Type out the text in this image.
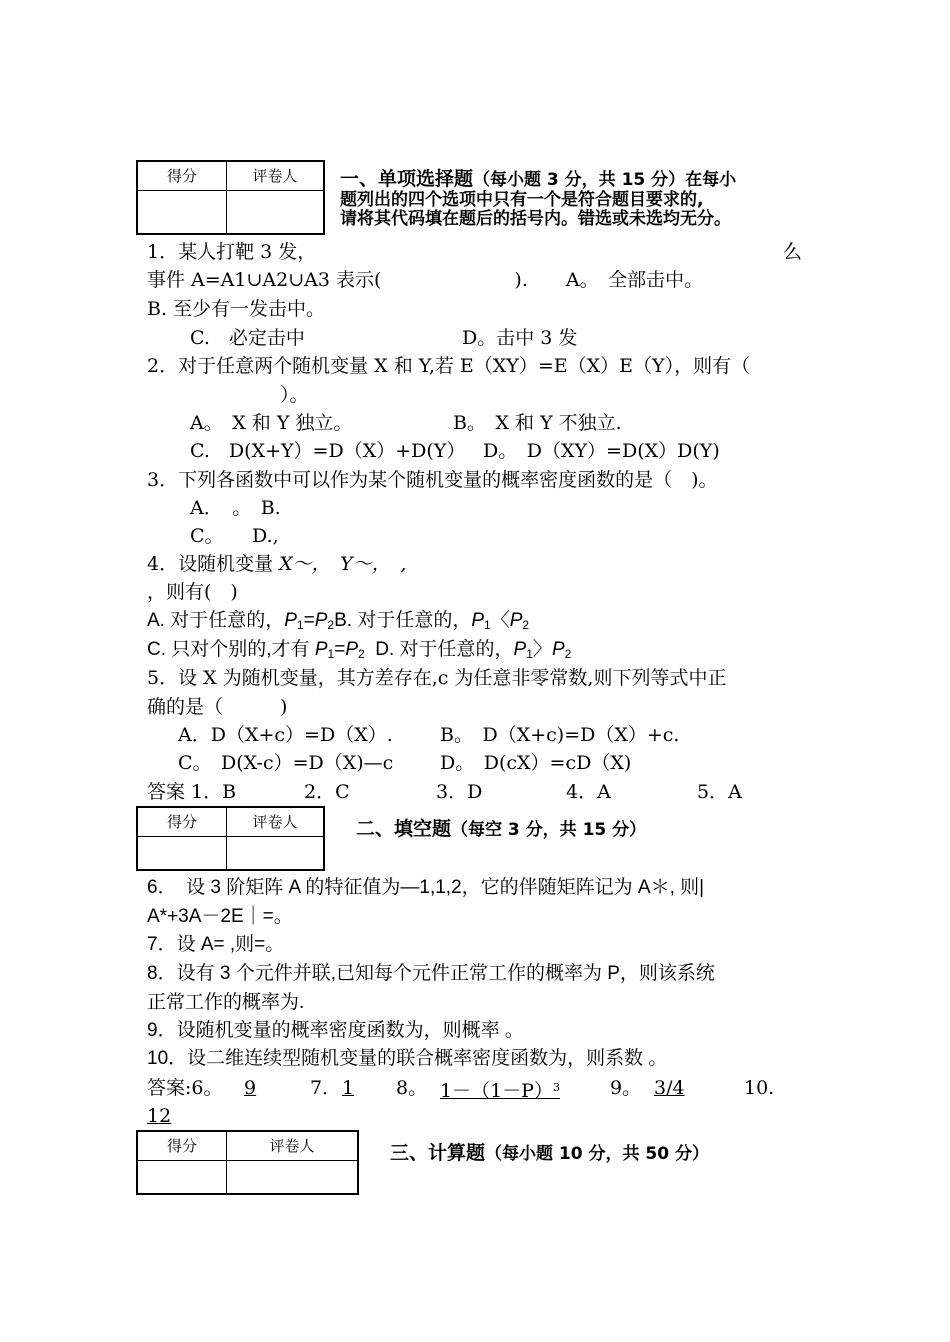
得分	评卷人
	一、单项选择题（每小题 3 分，共 15 分）在每小
题列出的四个选项中只有一个是符合题目要求的,
请将其代码填在题后的括号内。错选或未选均无分。
1．某人打靶 3 发，	么
事件 A=A1∪A2∪A3 表示(　　　　　　　).　　A。　全部击中。
B. 至少有一发击中。
C.　必定击中	D。击中 3 发
2．对于任意两个随机变量 X 和 Y,若 E（XY）=E（X）E（Y），则有（
）。
A。　X 和 Y 独立。	B。　X 和 Y 不独立.
C.　D(X+Y）=D（X）+D(Y） D。　D（XY）=D(X）D(Y)
3．下列各函数中可以作为某个随机变量的概率密度函数的是（　)。
A．　。　B.
C。　　D.,
4．设随机变量 X～，　Y～，　,
，则有(　)
A. 对于任意的，$P_1=P_2B$. 对于任意的，$P_1$〈$P_2$
C. 只对个别的,才有 $P_1=P_2$ D. 对于任意的，$P_1$〉$P_2$
5．设 X 为随机变量，其方差存在,c 为任意非零常数,则下列等式中正
确的是（　　　)
A．D（X+c）=D（X）. B。　D（X+c)=D（X）+c.
C。　D(X-c）=D（X)—c D。　D(cX）=cD（X)
答案 1．B	2．C	3．D	4．A	5．A
得分	评卷人
		二、填空题（每空 3 分，共 15 分）
6．　设 3 阶矩阵 A 的特征值为—1,1,2，它的伴随矩阵记为 A＊, 则|
A*+3A－2E｜=。
7．设 A= ,则=。
8．设有 3 个元件并联,已知每个元件正常工作的概率为 P，则该系统
正常工作的概率为.
9．设随机变量的概率密度函数为，则概率 。
10．设二维连续型随机变量的联合概率密度函数为，则系数 。
答案:6。 9	7． 1 8。 $1-(1-P)^3$	9。 3/4	10.
12
得分	评卷人
		三、计算题（每小题 10 分，共 50 分）
